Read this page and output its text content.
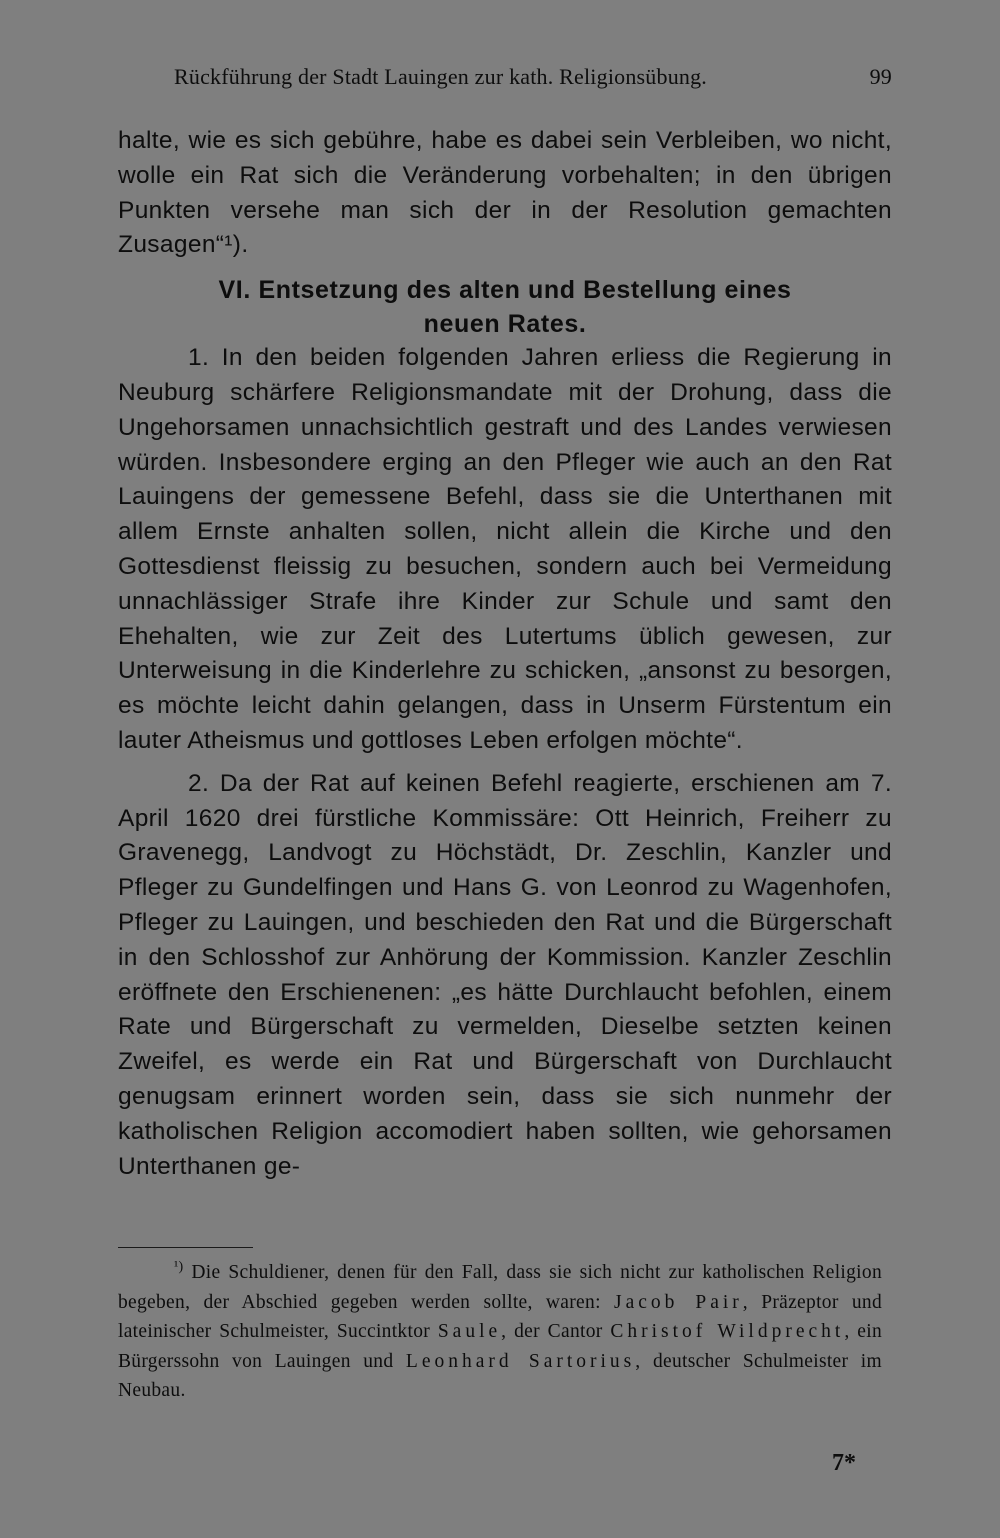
Rückführung der Stadt Lauingen zur kath. Religionsübung.	99

halte, wie es sich gebühre, habe es dabei sein Verbleiben, wo nicht, wolle ein Rat sich die Veränderung vorbehalten; in den übrigen Punkten versehe man sich der in der Resolution gemachten Zusagen“¹).

VI. Entsetzung des alten und Bestellung eines
neuen Rates.

1. In den beiden folgenden Jahren erliess die Regierung in Neuburg schärfere Religionsmandate mit der Drohung, dass die Ungehorsamen unnachsichtlich gestraft und des Landes verwiesen würden. Insbesondere erging an den Pfleger wie auch an den Rat Lauingens der gemessene Befehl, dass sie die Unterthanen mit allem Ernste anhalten sollen, nicht allein die Kirche und den Gottesdienst fleissig zu besuchen, sondern auch bei Vermeidung unnachlässiger Strafe ihre Kinder zur Schule und samt den Ehehalten, wie zur Zeit des Lutertums üblich gewesen, zur Unterweisung in die Kinderlehre zu schicken, „ansonst zu besorgen, es möchte leicht dahin gelangen, dass in Unserm Fürstentum ein lauter Atheismus und gottloses Leben erfolgen möchte“.

2. Da der Rat auf keinen Befehl reagierte, erschienen am 7. April 1620 drei fürstliche Kommissäre: Ott Heinrich, Freiherr zu Gravenegg, Landvogt zu Höchstädt, Dr. Zeschlin, Kanzler und Pfleger zu Gundelfingen und Hans G. von Leonrod zu Wagenhofen, Pfleger zu Lauingen, und beschieden den Rat und die Bürgerschaft in den Schlosshof zur Anhörung der Kommission. Kanzler Zeschlin eröffnete den Erschienenen: „es hätte Durchlaucht befohlen, einem Rate und Bürgerschaft zu vermelden, Dieselbe setzten keinen Zweifel, es werde ein Rat und Bürgerschaft von Durchlaucht genugsam erinnert worden sein, dass sie sich nunmehr der katholischen Religion accomodiert haben sollten, wie gehorsamen Unterthanen ge-

$^{^1)}$ Die Schuldiener, denen für den Fall, dass sie sich nicht zur katholischen Religion begeben, der Abschied gegeben werden sollte, waren: Jacob Pair, Präzeptor und lateinischer Schulmeister, Succintktor Saule, der Cantor Christof Wildprecht, ein Bürgerssohn von Lauingen und Leonhard Sartorius, deutscher Schulmeister im Neubau.

7*
